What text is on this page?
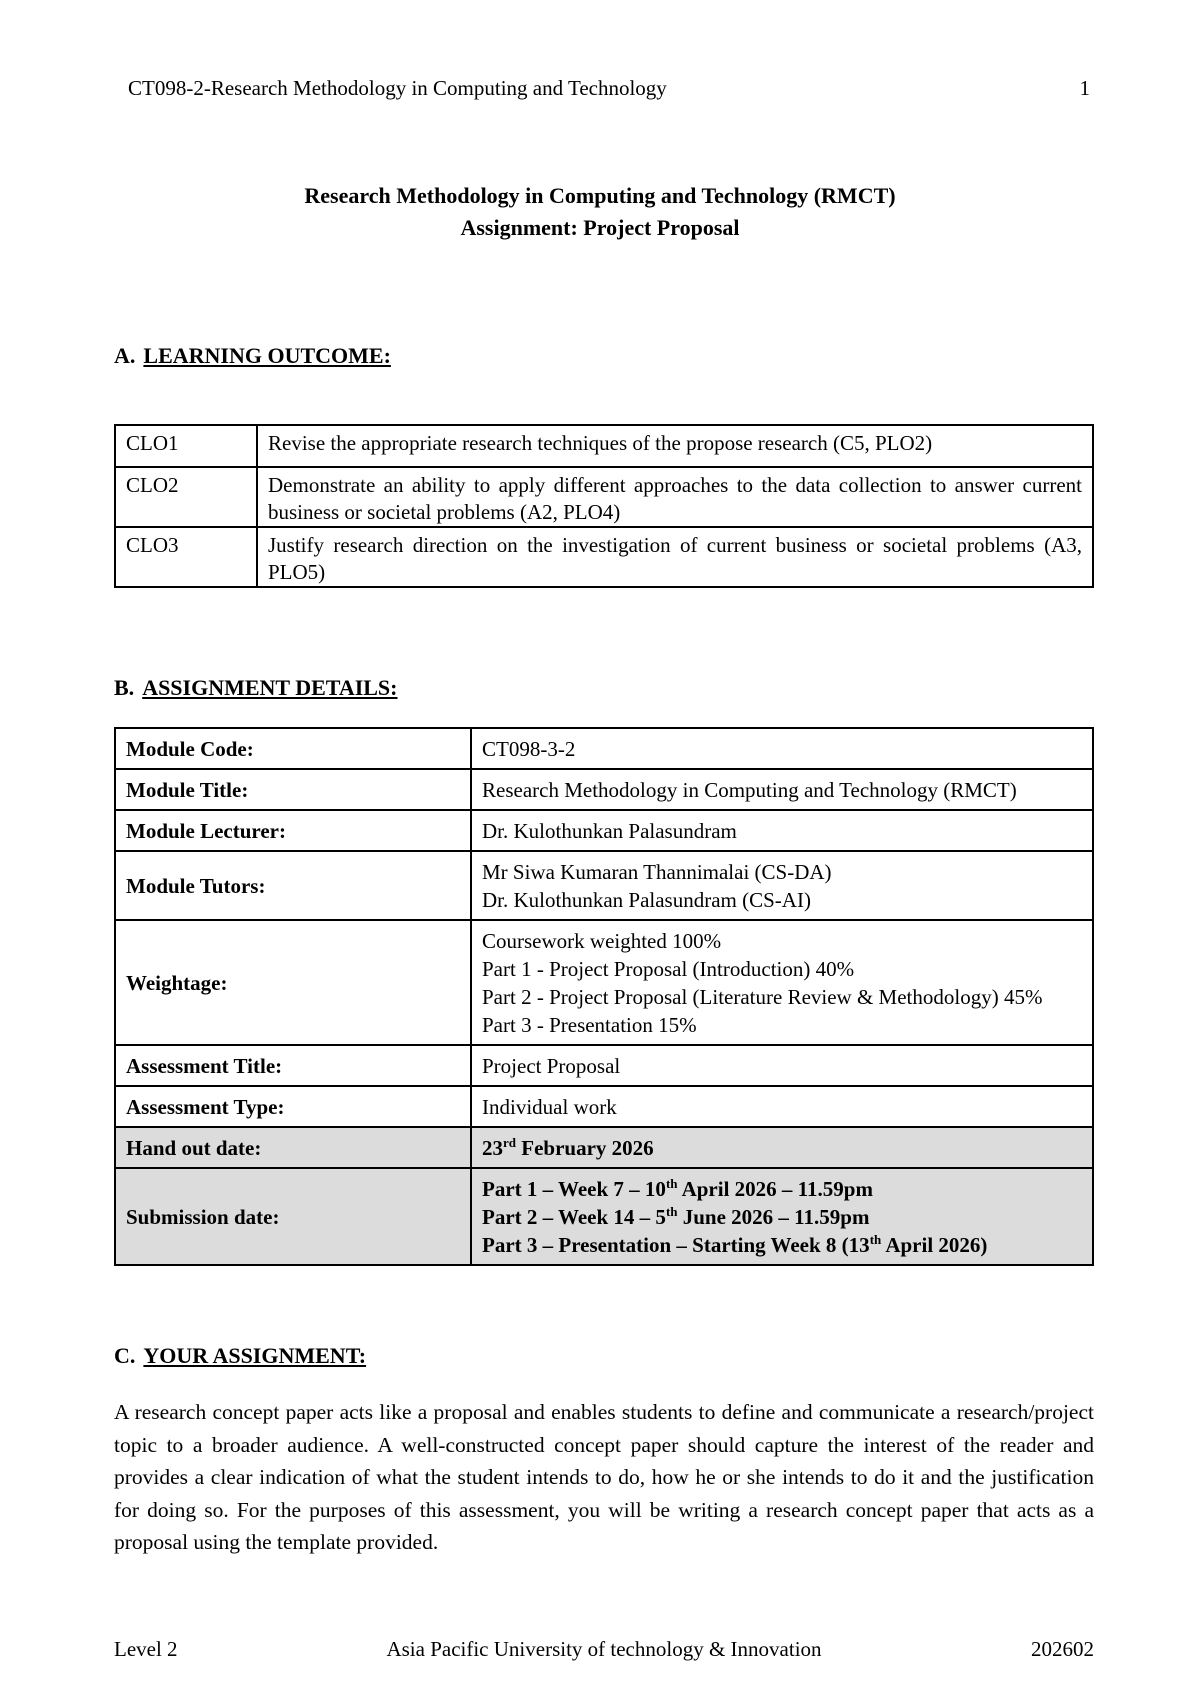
CT098-2-Research Methodology in Computing and Technology	1
Research Methodology in Computing and Technology (RMCT)
Assignment: Project Proposal
A. LEARNING OUTCOME:
CLO1	Revise the appropriate research techniques of the propose research (C5, PLO2)
CLO2	Demonstrate an ability to apply different approaches to the data collection to answer current business or societal problems (A2, PLO4)
CLO3	Justify research direction on the investigation of current business or societal problems (A3, PLO5)
B. ASSIGNMENT DETAILS:
Module Code:	CT098-3-2
Module Title:	Research Methodology in Computing and Technology (RMCT)
Module Lecturer:	Dr. Kulothunkan Palasundram
Module Tutors:	Mr Siwa Kumaran Thannimalai (CS-DA)
Dr. Kulothunkan Palasundram (CS-AI)

Weightage:	Coursework weighted 100%
Part 1 - Project Proposal (Introduction) 40%
Part 2 - Project Proposal (Literature Review & Methodology) 45%
Part 3 - Presentation 15%

Assessment Title:	Project Proposal
Assessment Type:	Individual work
Hand out date:	23rd February 2026
Submission date:	Part 1 – Week 7 – 10th April 2026 – 11.59pm
Part 2 – Week 14 – 5th June 2026 – 11.59pm
Part 3 – Presentation – Starting Week 8 (13th April 2026)
C. YOUR ASSIGNMENT:
A research concept paper acts like a proposal and enables students to define and communicate a research/project topic to a broader audience. A well-constructed concept paper should capture the interest of the reader and provides a clear indication of what the student intends to do, how he or she intends to do it and the justification for doing so. For the purposes of this assessment, you will be writing a research concept paper that acts as a proposal using the template provided.
Level 2	Asia Pacific University of technology & Innovation	202602
